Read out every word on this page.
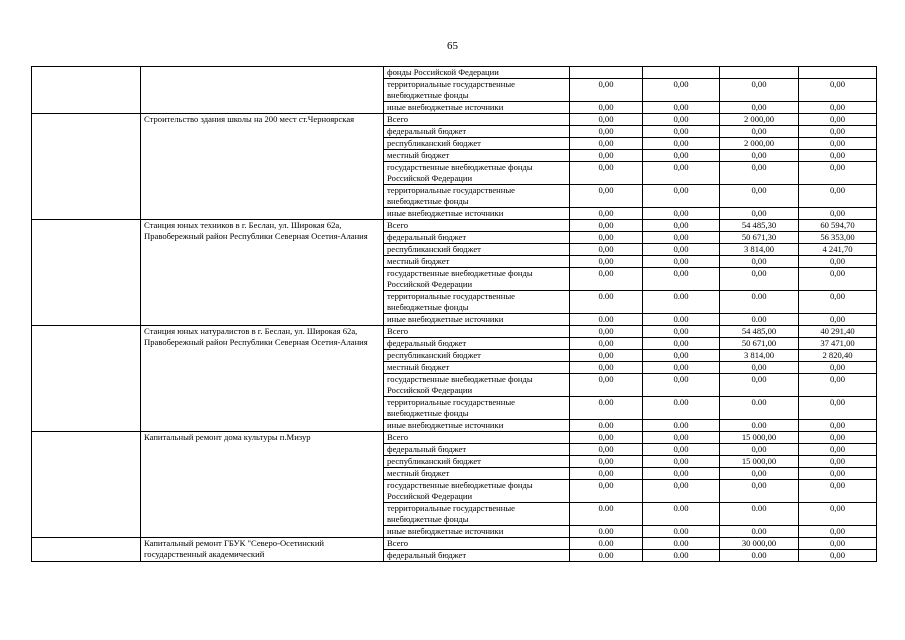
65
		фонды Российской Федерации				
		территориальные государственные внебюджетные фонды	0,00	0,00	0,00	0,00
		иные внебюджетные источники	0,00	0,00	0,00	0,00
	Строительство здания школы на 200 мест ст.Черноярская	Всего	0,00	0,00	2 000,00	0,00
		федеральный бюджет	0,00	0,00	0,00	0,00
		республиканский бюджет	0,00	0,00	2 000,00	0,00
		местный бюджет	0,00	0,00	0,00	0,00
		государственные внебюджетные фонды Российской Федерации	0,00	0,00	0,00	0,00
		территориальные государственные внебюджетные фонды	0,00	0,00	0,00	0,00
		иные внебюджетные источники	0,00	0,00	0,00	0,00
	Станция юных техников в г. Беслан, ул. Широкая 62а, Правобережный район Республики Северная Осетия-Алания	Всего	0,00	0,00	54 485,30	60 594,70
		федеральный бюджет	0,00	0,00	50 671,30	56 353,00
		республиканский бюджет	0,00	0,00	3 814,00	4 241,70
		местный бюджет	0,00	0,00	0,00	0,00
		государственные внебюджетные фонды Российской Федерации	0,00	0,00	0,00	0,00
		территориальные государственные внебюджетные фонды	0.00	0.00	0.00	0,00
		иные внебюджетные источники	0.00	0.00	0.00	0,00
	Станция юных натуралистов в г. Беслан, ул. Широкая 62а, Правобережный район Республики Северная Осетия-Алания	Всего	0,00	0,00	54 485,00	40 291,40
		федеральный бюджет	0,00	0,00	50 671,00	37 471,00
		республиканский бюджет	0,00	0,00	3 814,00	2 820,40
		местный бюджет	0,00	0,00	0,00	0,00
		государственные внебюджетные фонды Российской Федерации	0,00	0,00	0,00	0,00
		территориальные государственные внебюджетные фонды	0.00	0.00	0.00	0,00
		иные внебюджетные источники	0.00	0.00	0.00	0,00
	Капитальный ремонт дома культуры п.Мизур	Всего	0,00	0,00	15 000,00	0,00
		федеральный бюджет	0,00	0,00	0,00	0,00
		республиканский бюджет	0,00	0,00	15 000,00	0,00
		местный бюджет	0,00	0,00	0,00	0,00
		государственные внебюджетные фонды Российской Федерации	0,00	0,00	0,00	0,00
		территориальные государственные внебюджетные фонды	0.00	0.00	0.00	0,00
		иные внебюджетные источники	0.00	0.00	0.00	0,00
	Капитальный ремонт ГБУК "Северо-Осетинский государственный академический	Всего	0.00	0.00	30 000,00	0,00
		федеральный бюджет	0.00	0.00	0.00	0,00
